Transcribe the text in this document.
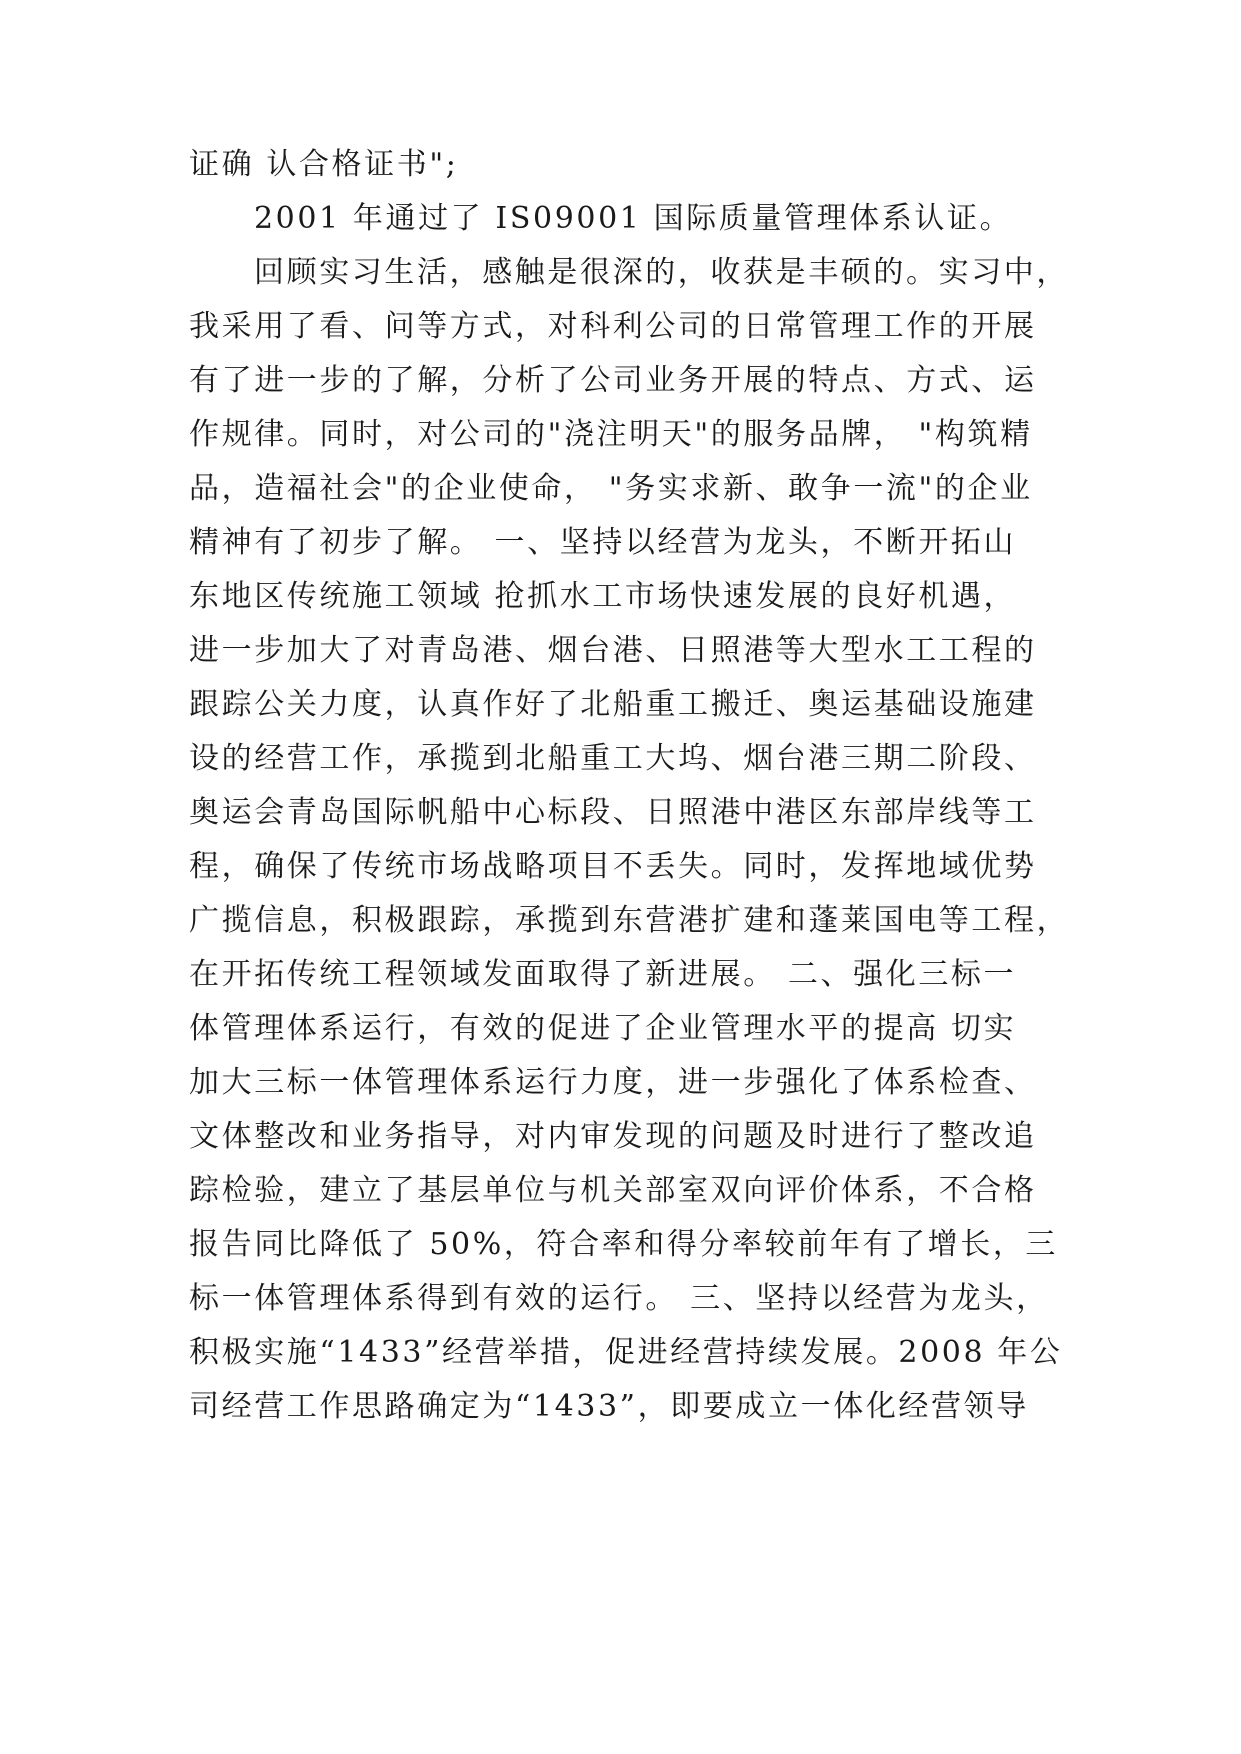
证确 认合格证书";
2001 年通过了 IS09001 国际质量管理体系认证。
回顾实习生活，感触是很深的，收获是丰硕的。实习中，
我采用了看、问等方式，对科利公司的日常管理工作的开展
有了进一步的了解，分析了公司业务开展的特点、方式、运
作规律。同时，对公司的"浇注明天"的服务品牌， "构筑精
品，造福社会"的企业使命， "务实求新、敢争一流"的企业
精神有了初步了解。 一、坚持以经营为龙头，不断开拓山
东地区传统施工领域 抢抓水工市场快速发展的良好机遇，
进一步加大了对青岛港、烟台港、日照港等大型水工工程的
跟踪公关力度，认真作好了北船重工搬迁、奥运基础设施建
设的经营工作，承揽到北船重工大坞、烟台港三期二阶段、
奥运会青岛国际帆船中心标段、日照港中港区东部岸线等工
程，确保了传统市场战略项目不丢失。同时，发挥地域优势
广揽信息，积极跟踪，承揽到东营港扩建和蓬莱国电等工程，
在开拓传统工程领域发面取得了新进展。 二、强化三标一
体管理体系运行，有效的促进了企业管理水平的提高 切实
加大三标一体管理体系运行力度，进一步强化了体系检查、
文体整改和业务指导，对内审发现的问题及时进行了整改追
踪检验，建立了基层单位与机关部室双向评价体系，不合格
报告同比降低了 50%，符合率和得分率较前年有了增长，三
标一体管理体系得到有效的运行。 三、坚持以经营为龙头，
积极实施“1433”经营举措，促进经营持续发展。2008 年公
司经营工作思路确定为“1433”，即要成立一体化经营领导
